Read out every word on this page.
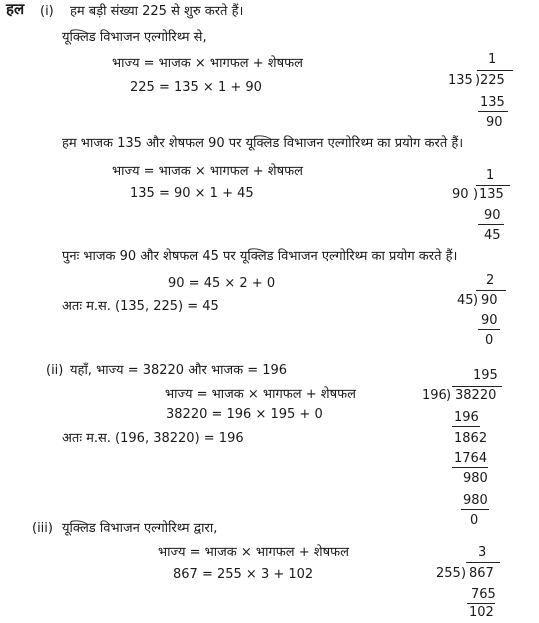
हल (i) हम बड़ी संख्या 225 से शुरु करते हैं।
यूक्लिड विभाजन एल्गोरिथ्म से,
भाज्य = भाजक × भागफल + शेषफल
225 = 135 × 1 + 90
हम भाजक 135 और शेषफल 90 पर यूक्लिड विभाजन एल्गोरिथ्म का प्रयोग करते हैं।
भाज्य = भाजक × भागफल + शेषफल
135 = 90 × 1 + 45
पुनः भाजक 90 और शेषफल 45 पर यूक्लिड विभाजन एल्गोरिथ्म का प्रयोग करते हैं।
90 = 45 × 2 + 0
अतः म.स. (135, 225) = 45
1
135 ) 225
135
90
1
90 ) 135
90
45
2
45 ) 90
90
0
(ii) यहाँ, भाज्य = 38220 और भाजक = 196
भाज्य = भाजक × भागफल + शेषफल
38220 = 196 × 195 + 0
अतः म.स. (196, 38220) = 196
195
196 ) 38220
196
1862
1764
980
980
0
(iii) यूक्लिड विभाजन एल्गोरिथ्म द्वारा,
भाज्य = भाजक × भागफल + शेषफल
867 = 255 × 3 + 102
3
255 ) 867
765
102
